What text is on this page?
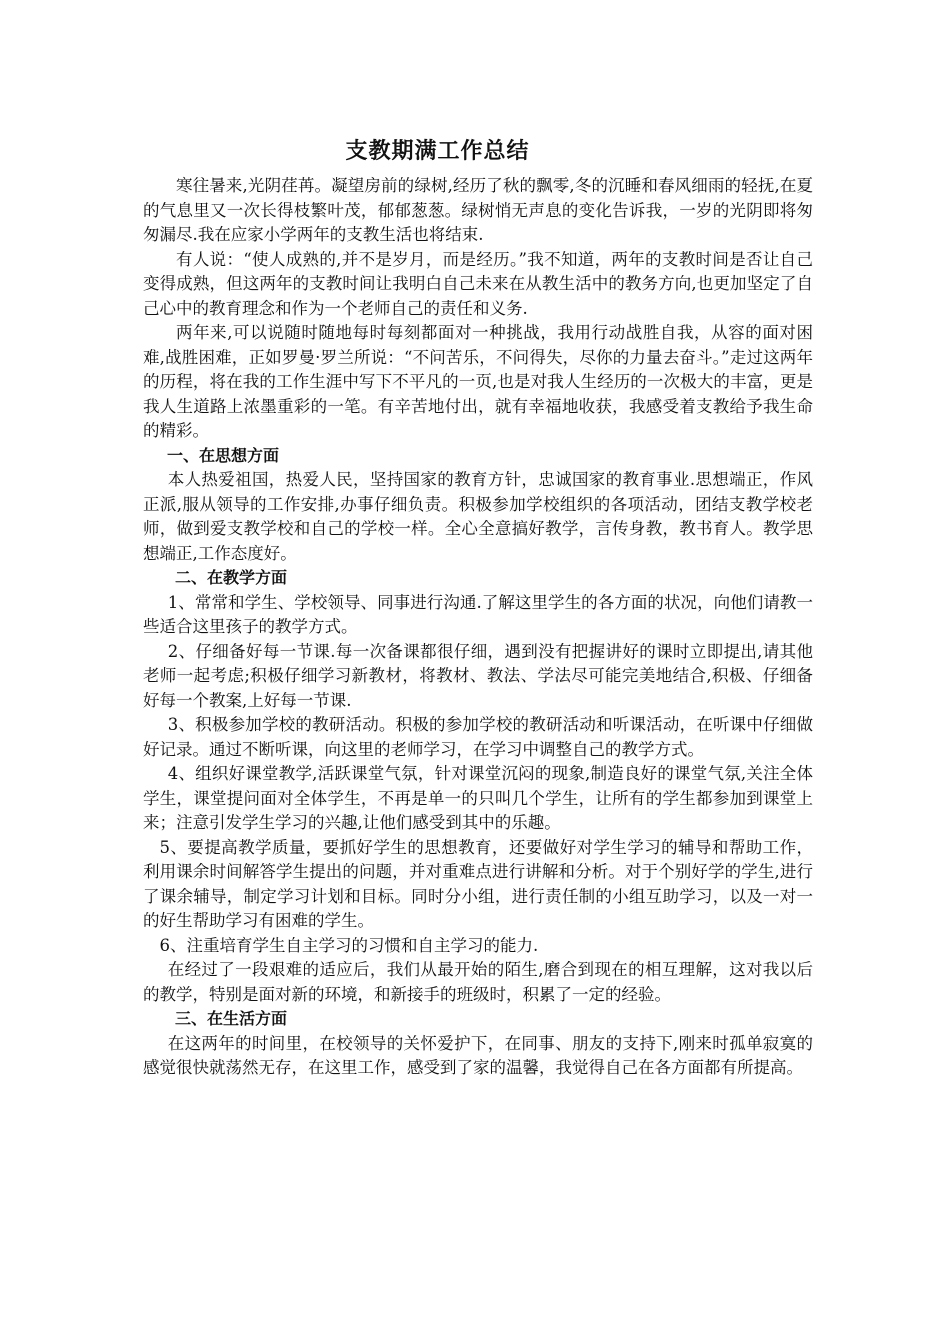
支教期满工作总结

寒往暑来,光阴荏苒。凝望房前的绿树,经历了秋的飘零,冬的沉睡和春风细雨的轻抚,在夏的气息里又一次长得枝繁叶茂，郁郁葱葱。绿树悄无声息的变化告诉我，一岁的光阴即将匆匆漏尽.我在应家小学两年的支教生活也将结束.

有人说：“使人成熟的,并不是岁月，而是经历。”我不知道，两年的支教时间是否让自己变得成熟，但这两年的支教时间让我明白自己未来在从教生活中的教务方向,也更加坚定了自己心中的教育理念和作为一个老师自己的责任和义务.

两年来,可以说随时随地每时每刻都面对一种挑战，我用行动战胜自我，从容的面对困难,战胜困难，正如罗曼·罗兰所说：“不问苦乐，不问得失，尽你的力量去奋斗。”走过这两年的历程，将在我的工作生涯中写下不平凡的一页,也是对我人生经历的一次极大的丰富，更是我人生道路上浓墨重彩的一笔。有辛苦地付出，就有幸福地收获，我感受着支教给予我生命的精彩。

一、在思想方面

本人热爱祖国，热爱人民，坚持国家的教育方针，忠诚国家的教育事业.思想端正，作风正派,服从领导的工作安排,办事仔细负责。积极参加学校组织的各项活动，团结支教学校老师，做到爱支教学校和自己的学校一样。全心全意搞好教学，言传身教，教书育人。教学思想端正,工作态度好。

二、在教学方面

1、常常和学生、学校领导、同事进行沟通.了解这里学生的各方面的状况，向他们请教一些适合这里孩子的教学方式。

2、仔细备好每一节课.每一次备课都很仔细，遇到没有把握讲好的课时立即提出,请其他老师一起考虑;积极仔细学习新教材，将教材、教法、学法尽可能完美地结合,积极、仔细备好每一个教案,上好每一节课.

3、积极参加学校的教研活动。积极的参加学校的教研活动和听课活动，在听课中仔细做好记录。通过不断听课，向这里的老师学习，在学习中调整自己的教学方式。

4、组织好课堂教学,活跃课堂气氛，针对课堂沉闷的现象,制造良好的课堂气氛,关注全体学生，课堂提问面对全体学生，不再是单一的只叫几个学生，让所有的学生都参加到课堂上来；注意引发学生学习的兴趣,让他们感受到其中的乐趣。

5、要提高教学质量，要抓好学生的思想教育，还要做好对学生学习的辅导和帮助工作，利用课余时间解答学生提出的问题，并对重难点进行讲解和分析。对于个别好学的学生,进行了课余辅导，制定学习计划和目标。同时分小组，进行责任制的小组互助学习，以及一对一的好生帮助学习有困难的学生。

6、注重培育学生自主学习的习惯和自主学习的能力.

在经过了一段艰难的适应后，我们从最开始的陌生,磨合到现在的相互理解，这对我以后的教学，特别是面对新的环境，和新接手的班级时，积累了一定的经验。

三、在生活方面

在这两年的时间里，在校领导的关怀爱护下，在同事、朋友的支持下,刚来时孤单寂寞的感觉很快就荡然无存，在这里工作，感受到了家的温馨，我觉得自己在各方面都有所提高。
